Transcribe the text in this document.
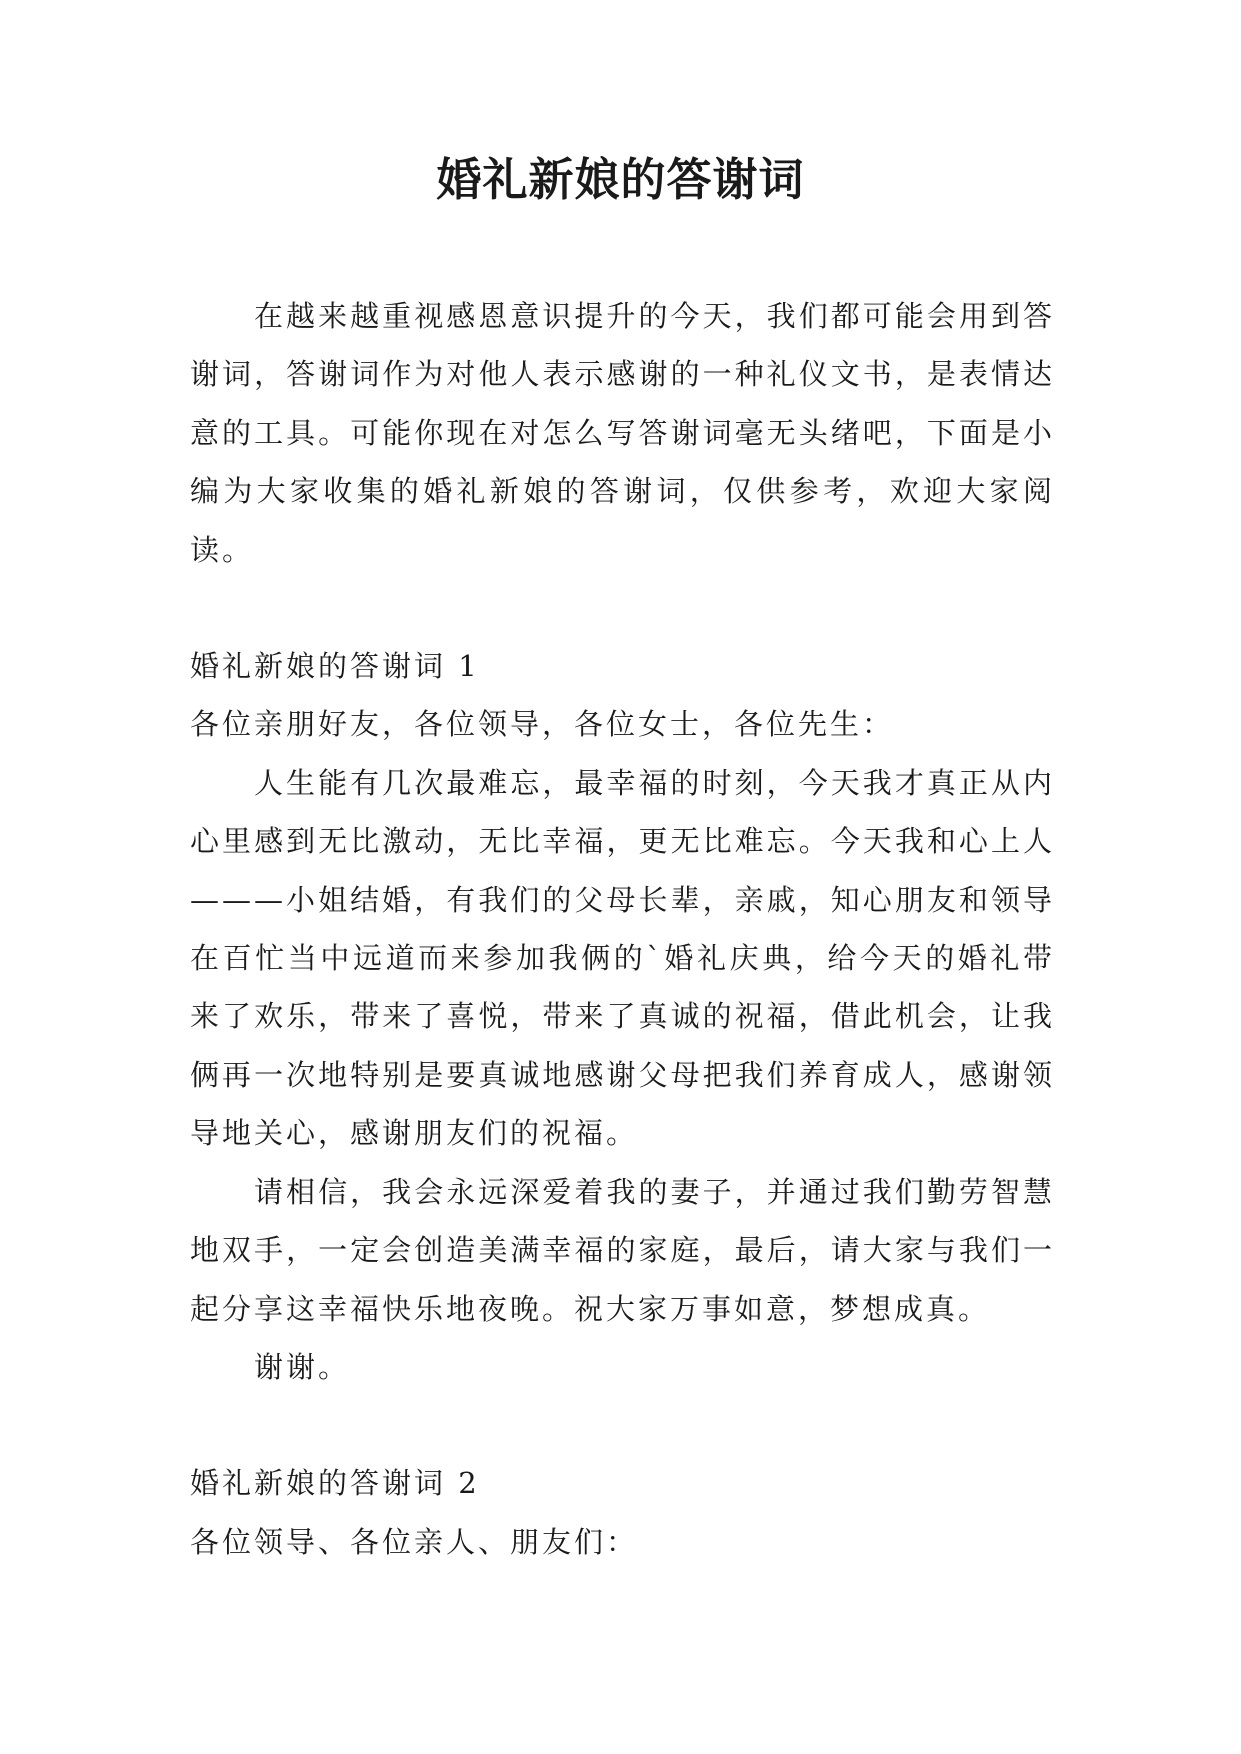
婚礼新娘的答谢词

在越来越重视感恩意识提升的今天，我们都可能会用到答谢词，答谢词作为对他人表示感谢的一种礼仪文书，是表情达意的工具。可能你现在对怎么写答谢词毫无头绪吧，下面是小编为大家收集的婚礼新娘的答谢词，仅供参考，欢迎大家阅读。

婚礼新娘的答谢词 1

各位亲朋好友，各位领导，各位女士，各位先生：

人生能有几次最难忘，最幸福的时刻，今天我才真正从内心里感到无比激动，无比幸福，更无比难忘。今天我和心上人———小姐结婚，有我们的父母长辈，亲戚，知心朋友和领导在百忙当中远道而来参加我俩的`婚礼庆典，给今天的婚礼带来了欢乐，带来了喜悦，带来了真诚的祝福，借此机会，让我俩再一次地特别是要真诚地感谢父母把我们养育成人，感谢领导地关心，感谢朋友们的祝福。

请相信，我会永远深爱着我的妻子，并通过我们勤劳智慧地双手，一定会创造美满幸福的家庭，最后，请大家与我们一起分享这幸福快乐地夜晚。祝大家万事如意，梦想成真。

谢谢。

婚礼新娘的答谢词 2

各位领导、各位亲人、朋友们：
